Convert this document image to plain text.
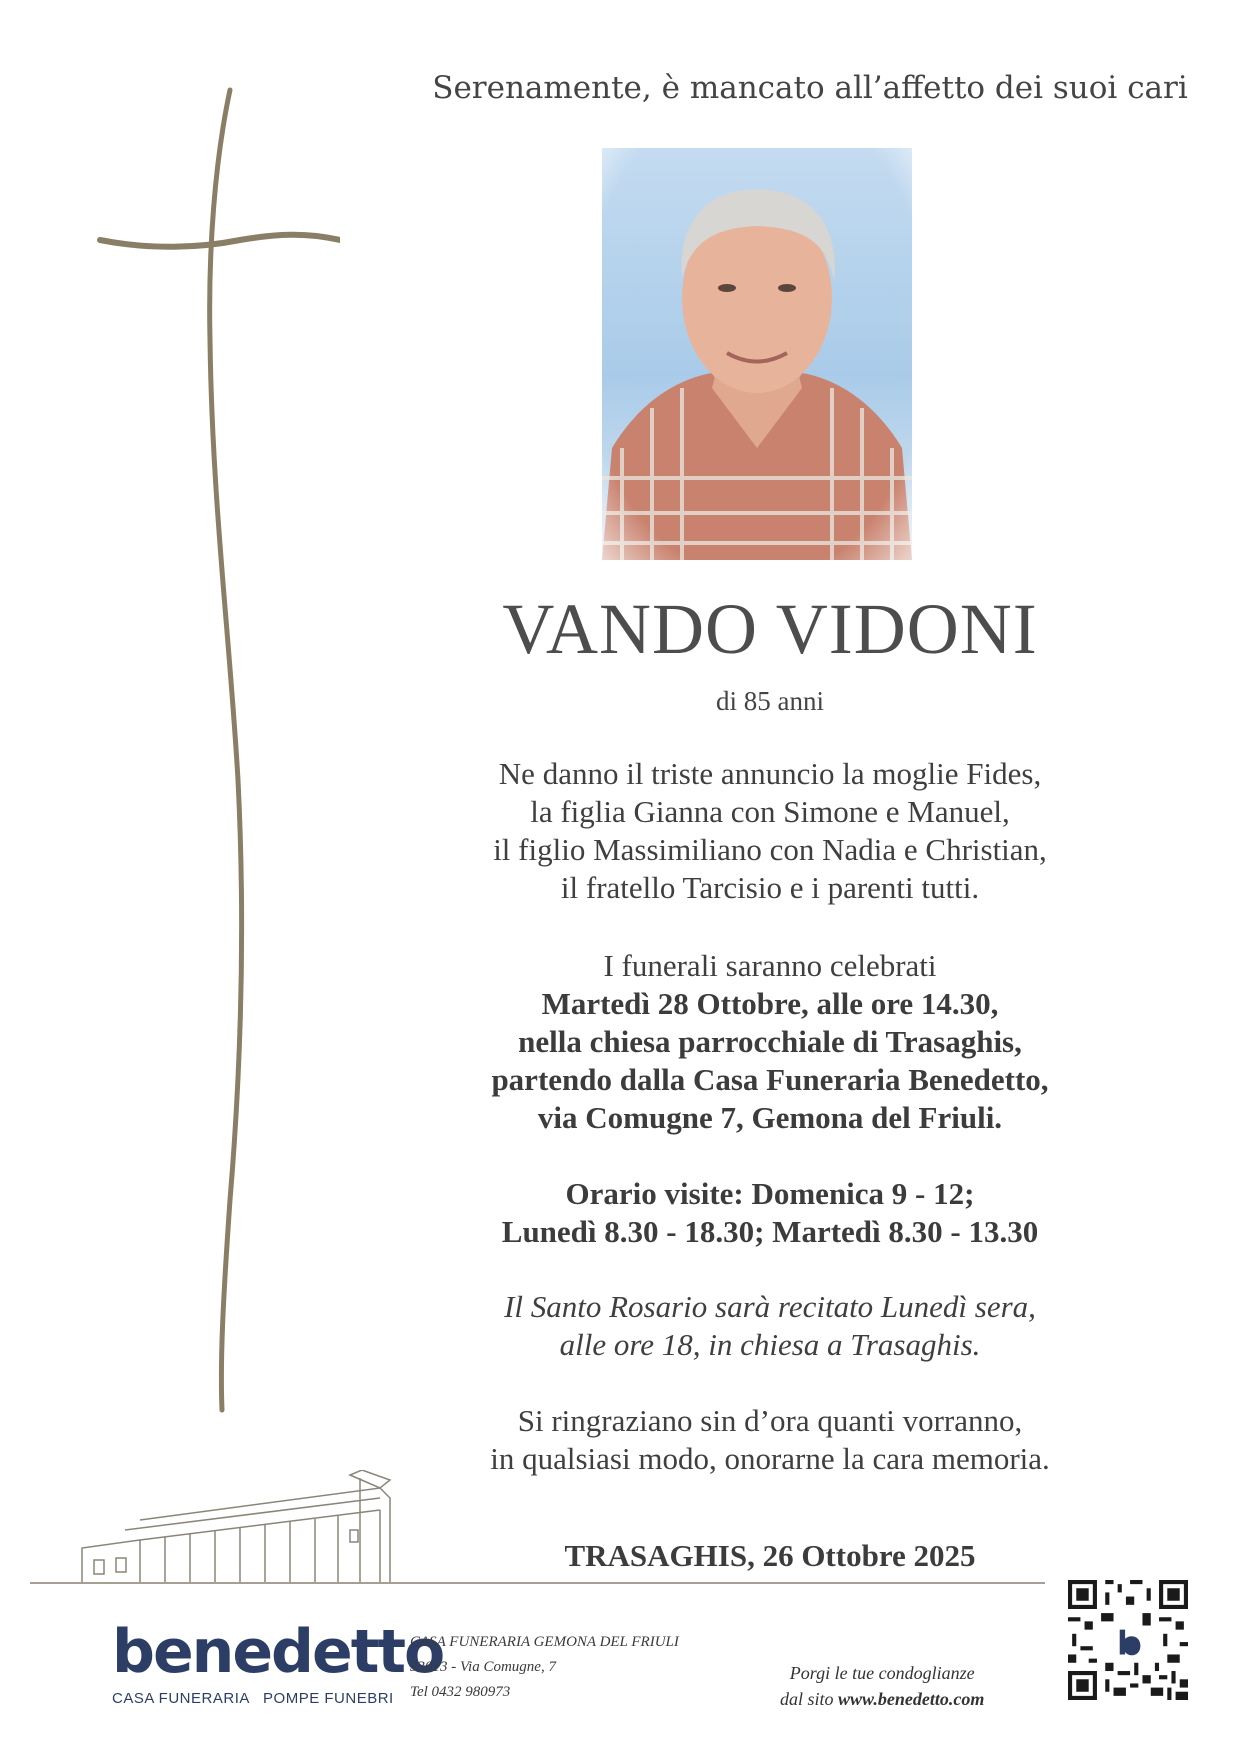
Serenamente, è mancato all’affetto dei suoi cari
VANDO VIDONI
di 85 anni
Ne danno il triste annuncio la moglie Fides,
la figlia Gianna con Simone e Manuel,
il figlio Massimiliano con Nadia e Christian,
il fratello Tarcisio e i parenti tutti.
I funerali saranno celebrati
Martedì 28 Ottobre, alle ore 14.30,
nella chiesa parrocchiale di Trasaghis,
partendo dalla Casa Funeraria Benedetto,
via Comugne 7, Gemona del Friuli.
Orario visite: Domenica 9 - 12;
Lunedì 8.30 - 18.30; Martedì 8.30 - 13.30
Il Santo Rosario sarà recitato Lunedì sera,
alle ore 18, in chiesa a Trasaghis.
Si ringraziano sin d’ora quanti vorranno,
in qualsiasi modo, onorarne la cara memoria.
TRASAGHIS, 26 Ottobre 2025
benedetto
CASA FUNERARIA   POMPE FUNEBRI
CASA FUNERARIA GEMONA DEL FRIULI
33013 - Via Comugne, 7
Tel 0432 980973
Porgi le tue condoglianze
dal sito www.benedetto.com
